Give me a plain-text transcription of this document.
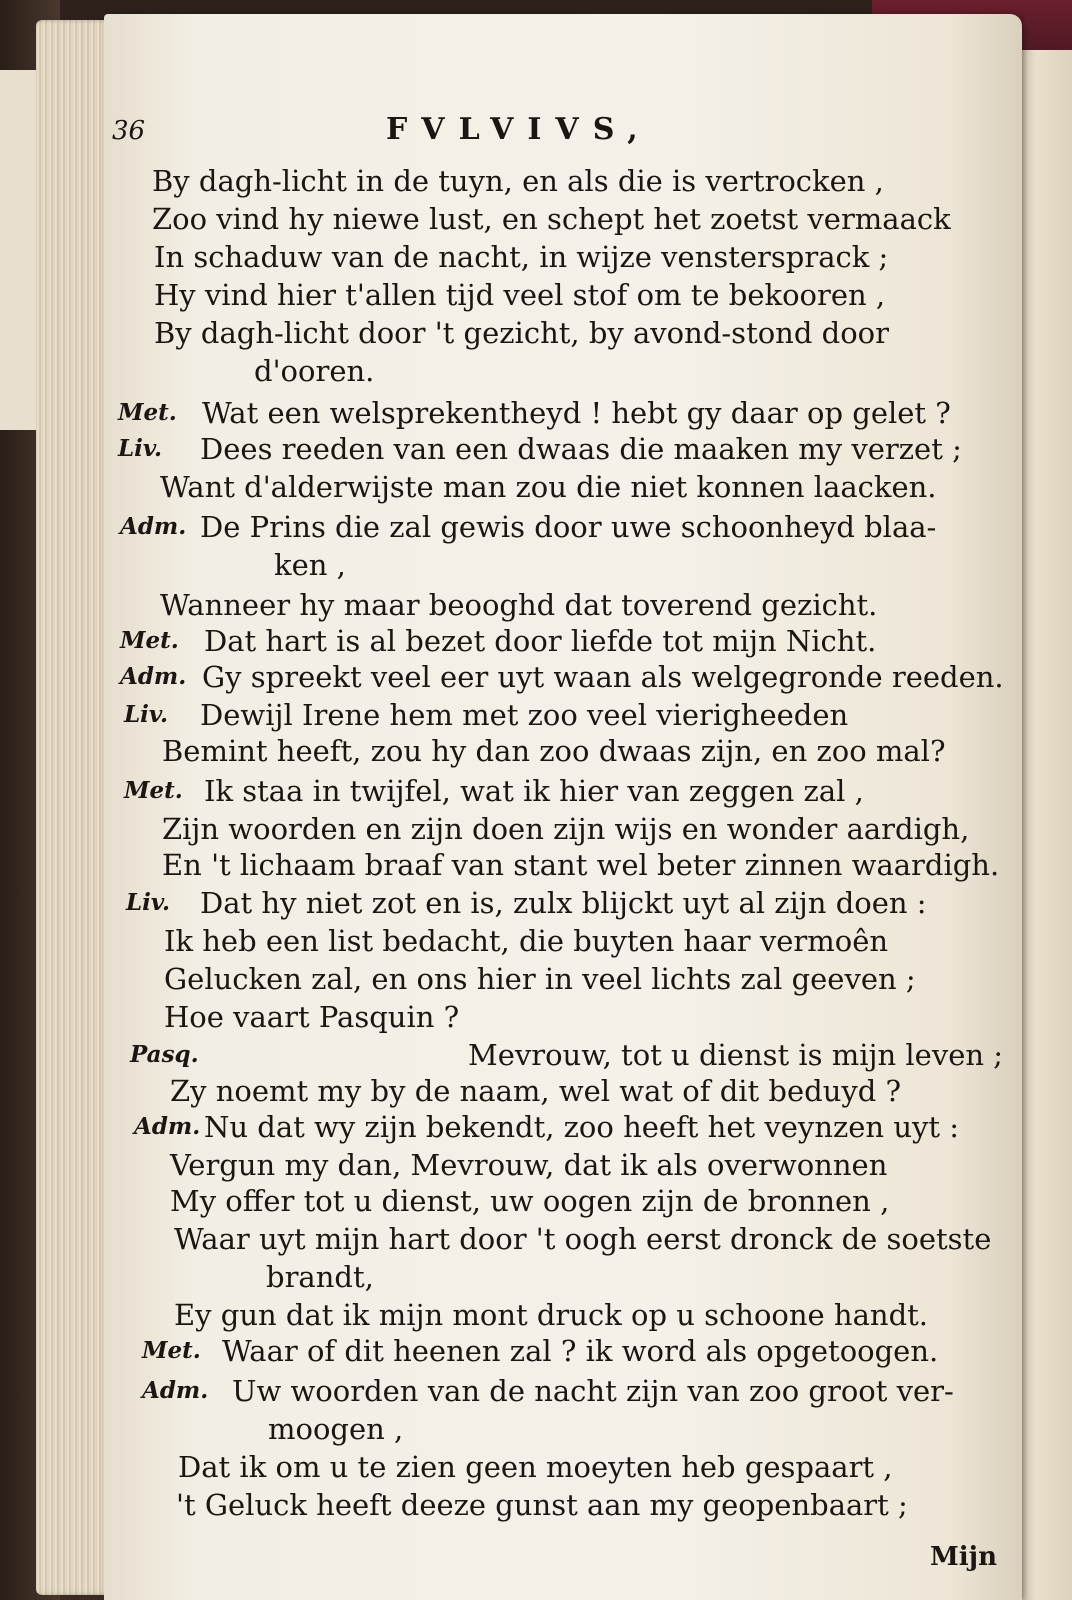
36	FVLVIVS,
By dagh-licht in de tuyn, en als die is vertrocken ,
Zoo vind hy niewe lust, en schept het zoetst vermaack
In schaduw van de nacht, in wijze venstersprack ;
Hy vind hier t'allen tijd veel stof om te bekooren ,
By dagh-licht door 't gezicht, by avond-stond door
d'ooren.
Met. Wat een welsprekentheyd ! hebt gy daar op gelet ?
Liv. Dees reeden van een dwaas die maaken my verzet ;
Want d'alderwijste man zou die niet konnen laacken.
Adm. De Prins die zal gewis door uwe schoonheyd blaa-
ken ,
Wanneer hy maar beooghd dat toverend gezicht.
Met. Dat hart is al bezet door liefde tot mijn Nicht.
Adm. Gy spreekt veel eer uyt waan als welgegronde reeden.
Liv. Dewijl Irene hem met zoo veel vierigheeden
Bemint heeft, zou hy dan zoo dwaas zijn, en zoo mal?
Met. Ik staa in twijfel, wat ik hier van zeggen zal ,
Zijn woorden en zijn doen zijn wijs en wonder aardigh,
En 't lichaam braaf van stant wel beter zinnen waardigh.
Liv. Dat hy niet zot en is, zulx blijckt uyt al zijn doen :
Ik heb een list bedacht, die buyten haar vermoên
Gelucken zal, en ons hier in veel lichts zal geeven ;
Hoe vaart Pasquin ?
Pasq.	Mevrouw, tot u dienst is mijn leven ;
Zy noemt my by de naam, wel wat of dit beduyd ?
Adm. Nu dat wy zijn bekendt, zoo heeft het veynzen uyt :
Vergun my dan, Mevrouw, dat ik als overwonnen
My offer tot u dienst, uw oogen zijn de bronnen ,
Waar uyt mijn hart door 't oogh eerst dronck de soetste
brandt,
Ey gun dat ik mijn mont druck op u schoone handt.
Met. Waar of dit heenen zal ? ik word als opgetoogen.
Adm. Uw woorden van de nacht zijn van zoo groot ver-
moogen ,
Dat ik om u te zien geen moeyten heb gespaart ,
't Geluck heeft deeze gunst aan my geopenbaart ;
Mijn
